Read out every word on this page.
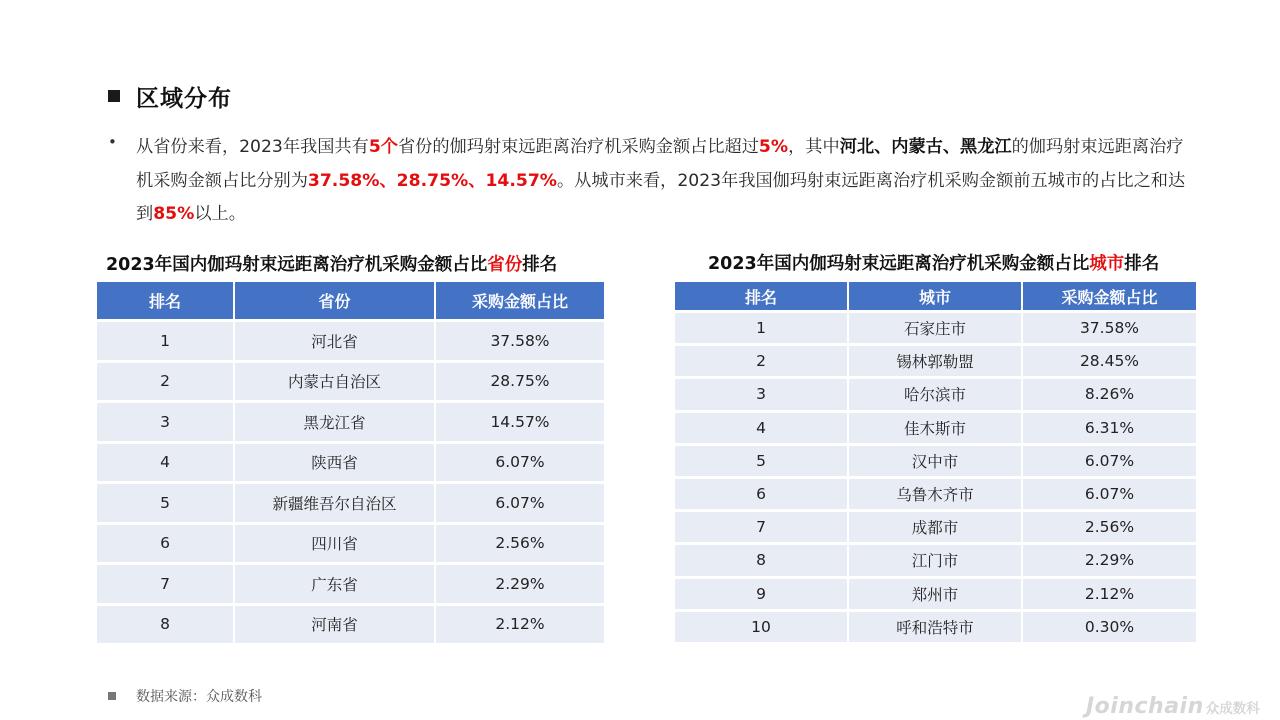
区域分布
• 从省份来看，2023年我国共有5个省份的伽玛射束远距离治疗机采购金额占比超过5%，其中河北、内蒙古、黑龙江的伽玛射束远距离治疗机采购金额占比分别为37.58%、28.75%、14.57%。从城市来看，2023年我国伽玛射束远距离治疗机采购金额前五城市的占比之和达到85%以上。
2023年国内伽玛射束远距离治疗机采购金额占比省份排名
排名	省份	采购金额占比
1	河北省	37.58%
2	内蒙古自治区	28.75%
3	黑龙江省	14.57%
4	陕西省	6.07%
5	新疆维吾尔自治区	6.07%
6	四川省	2.56%
7	广东省	2.29%
8	河南省	2.12%
2023年国内伽玛射束远距离治疗机采购金额占比城市排名
排名	城市	采购金额占比
1	石家庄市	37.58%
2	锡林郭勒盟	28.45%
3	哈尔滨市	8.26%
4	佳木斯市	6.31%
5	汉中市	6.07%
6	乌鲁木齐市	6.07%
7	成都市	2.56%
8	江门市	2.29%
9	郑州市	2.12%
10	呼和浩特市	0.30%
数据来源：众成数科	Joinchain 众成数科
